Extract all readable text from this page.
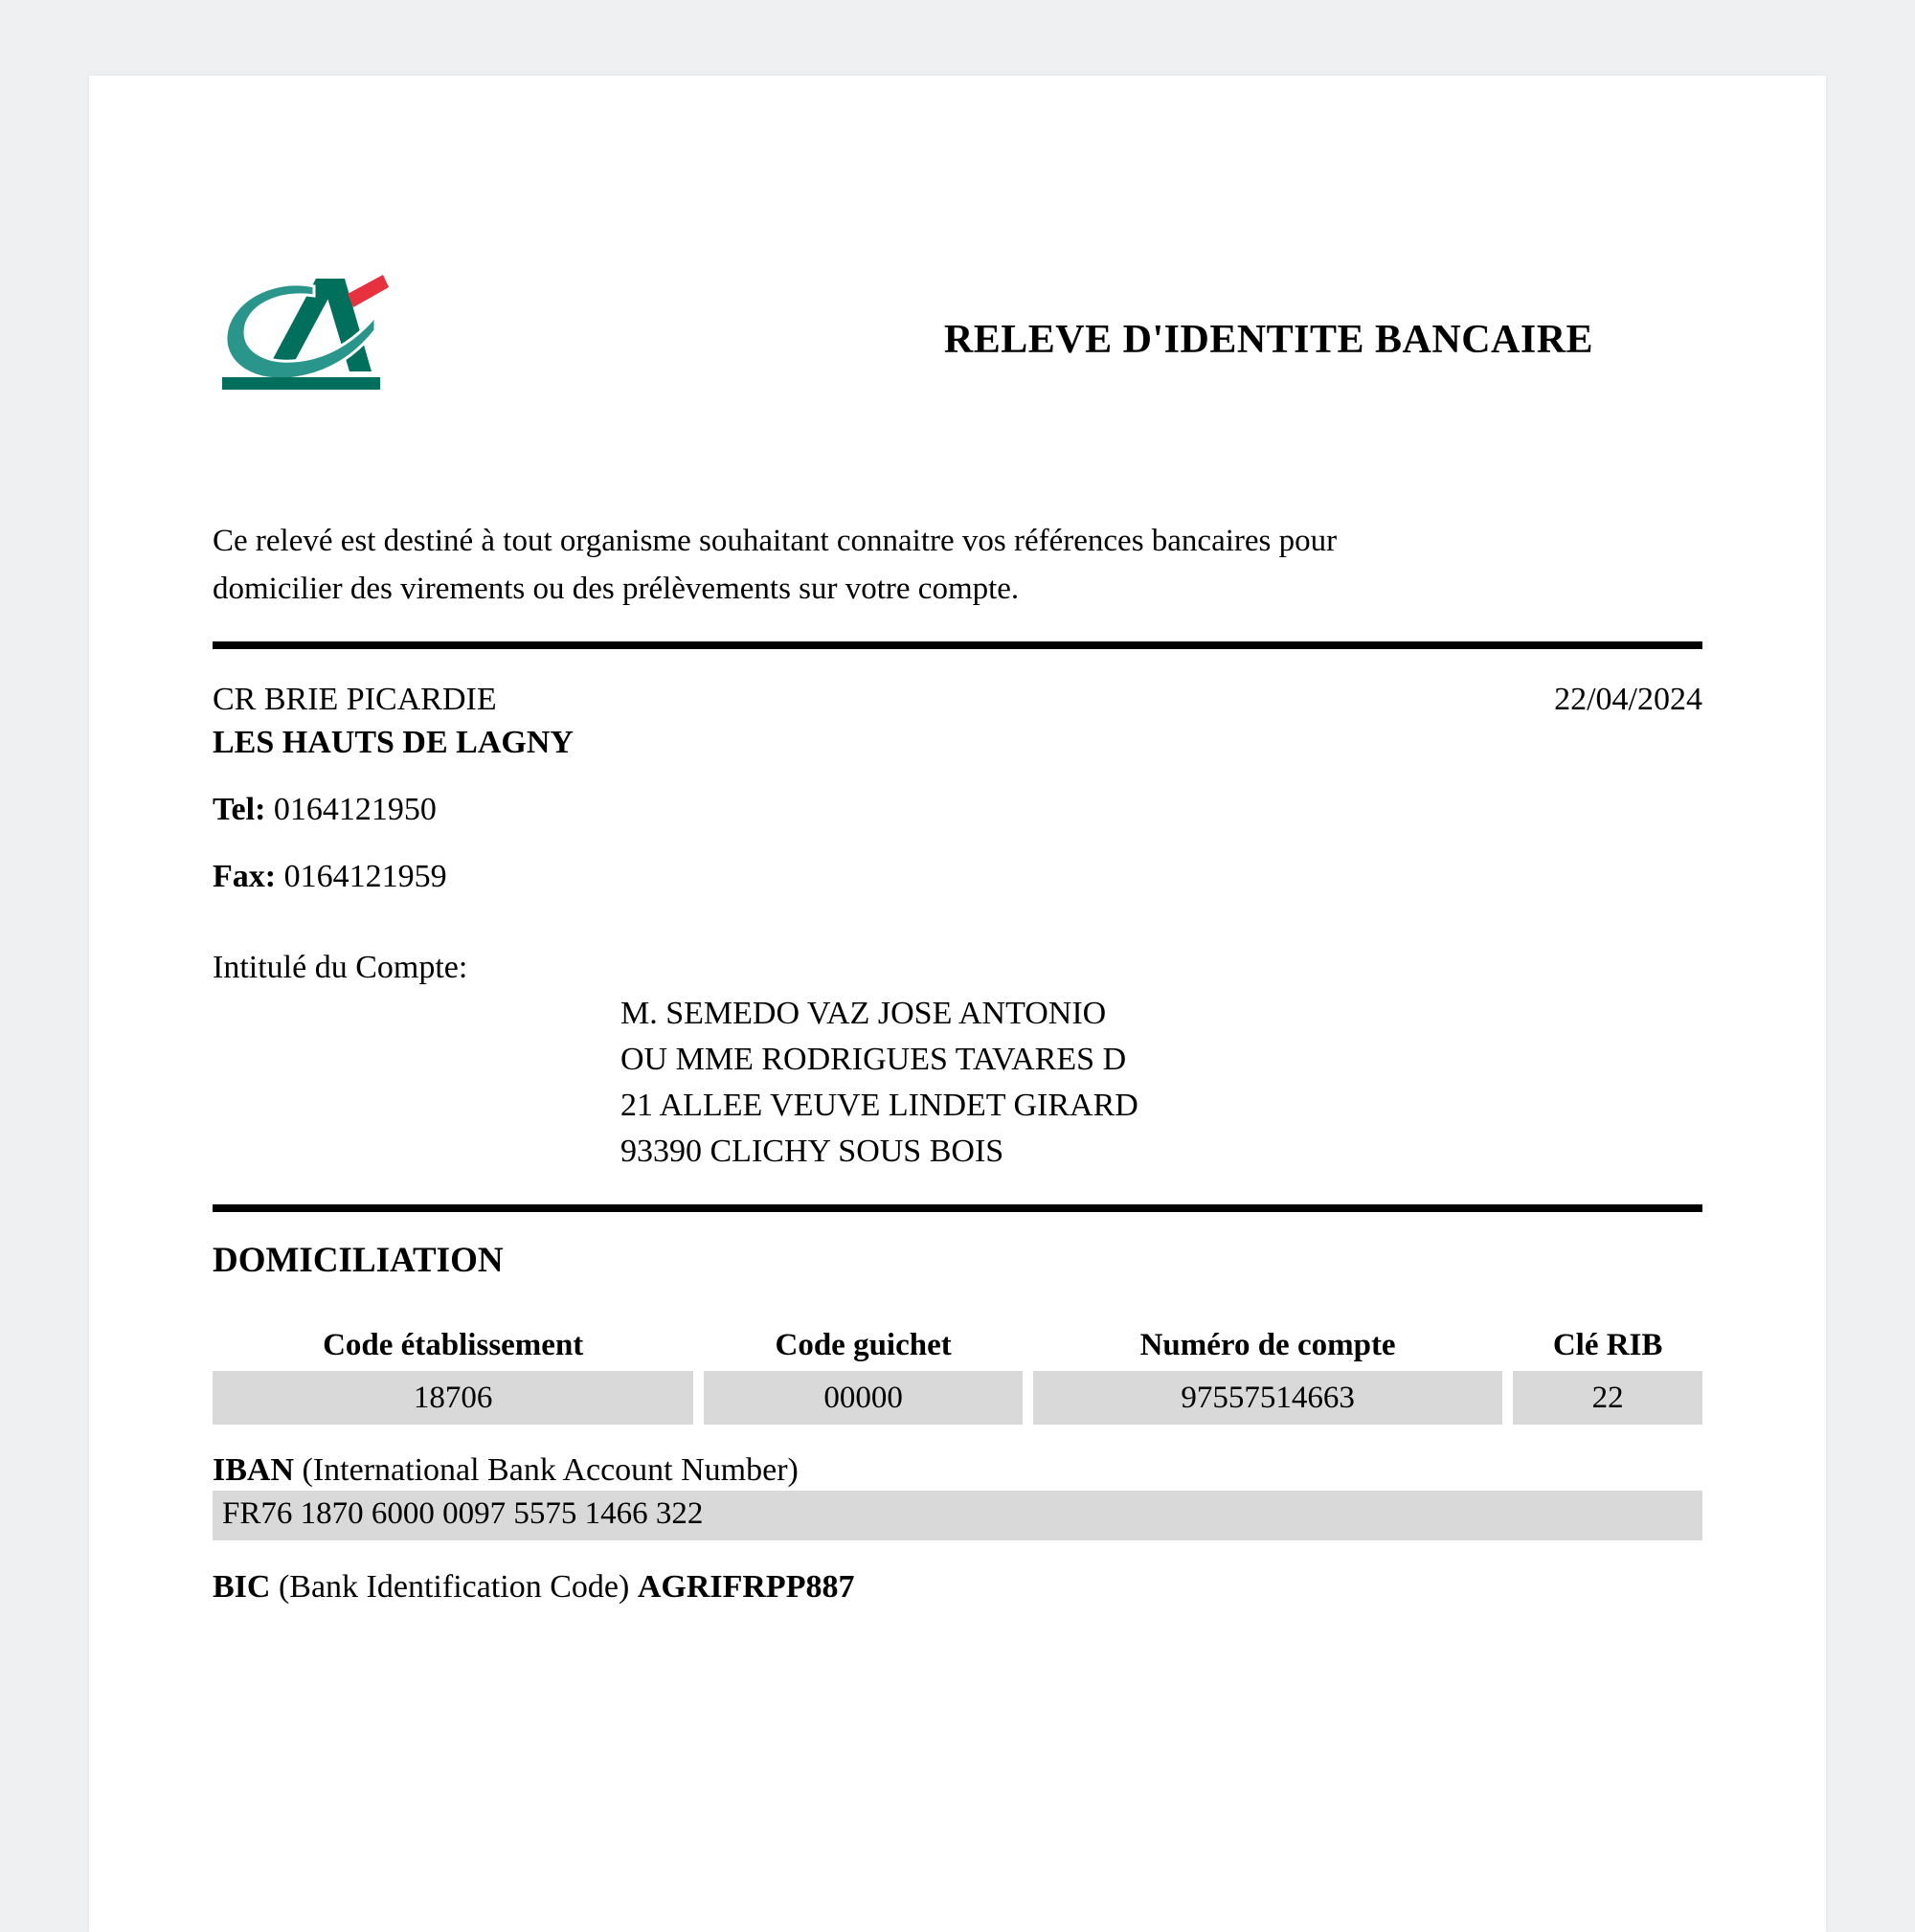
RELEVE D'IDENTITE BANCAIRE
Ce relevé est destiné à tout organisme souhaitant connaitre vos références bancaires pour
domicilier des virements ou des prélèvements sur votre compte.
CR BRIE PICARDIE	22/04/2024
LES HAUTS DE LAGNY
Tel: 0164121950
Fax: 0164121959
Intitulé du Compte:
M. SEMEDO VAZ JOSE ANTONIO
OU MME RODRIGUES TAVARES D
21 ALLEE VEUVE LINDET GIRARD
93390 CLICHY SOUS BOIS
DOMICILIATION
Code établissement	Code guichet	Numéro de compte	Clé RIB
18706	00000	97557514663	22
IBAN (International Bank Account Number)
FR76 1870 6000 0097 5575 1466 322
BIC (Bank Identification Code) AGRIFRPP887
